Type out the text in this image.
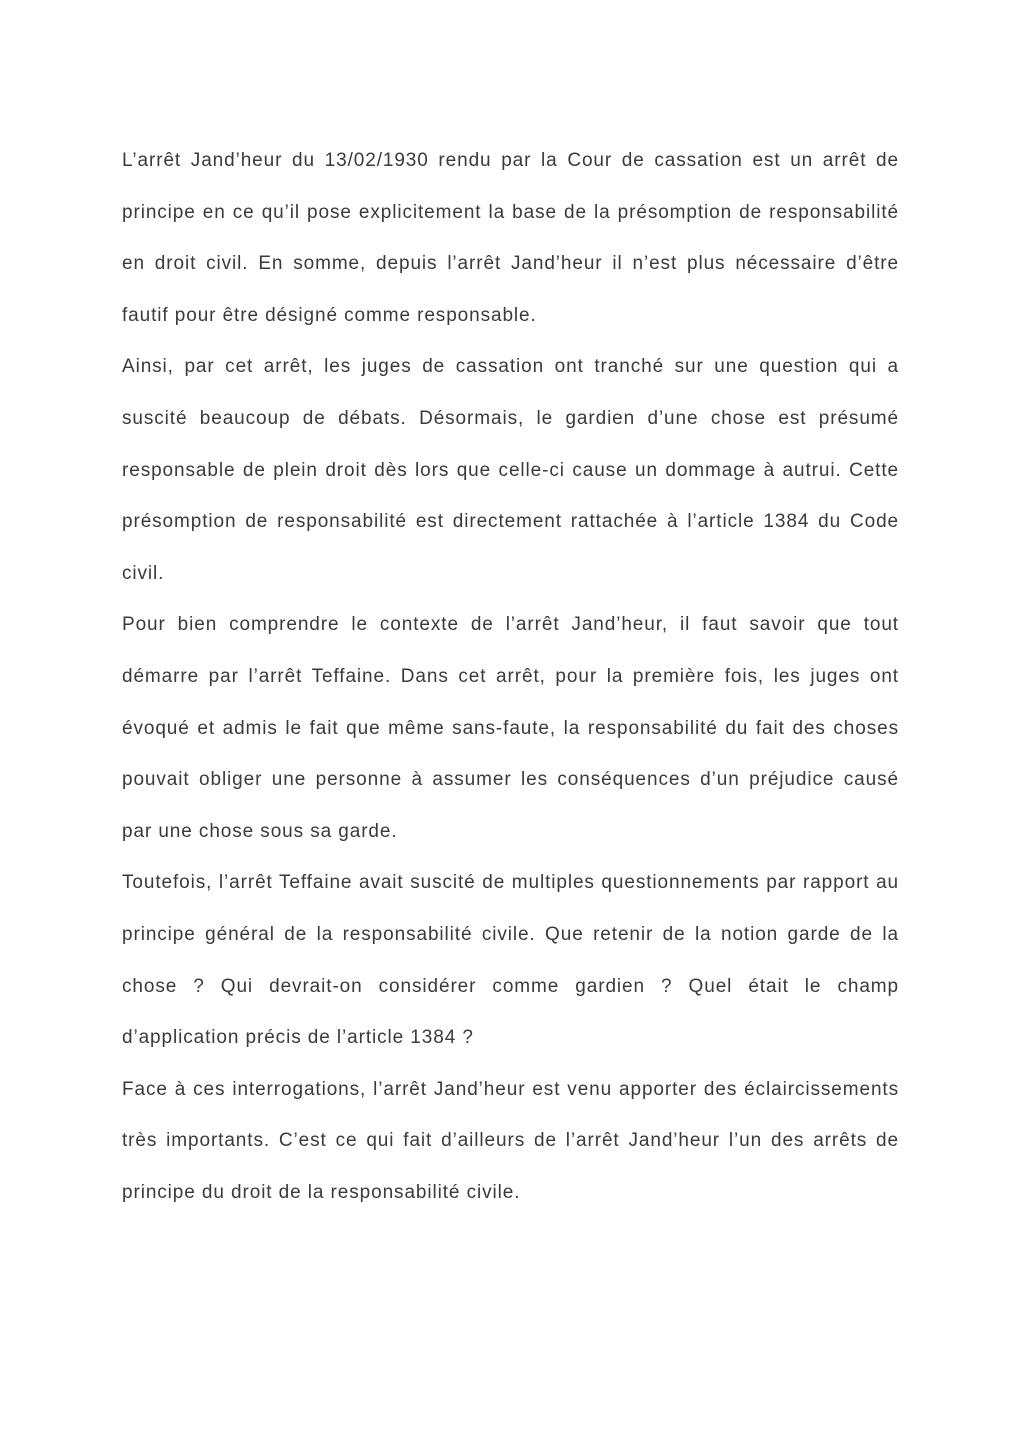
L’arrêt Jand’heur du 13/02/1930 rendu par la Cour de cassation est un arrêt de principe en ce qu’il pose explicitement la base de la présomption de responsabilité en droit civil. En somme, depuis l’arrêt Jand’heur il n’est plus nécessaire d’être fautif pour être désigné comme responsable.

Ainsi, par cet arrêt, les juges de cassation ont tranché sur une question qui a suscité beaucoup de débats. Désormais, le gardien d’une chose est présumé responsable de plein droit dès lors que celle-ci cause un dommage à autrui. Cette présomption de responsabilité est directement rattachée à l’article 1384 du Code civil.

Pour bien comprendre le contexte de l’arrêt Jand’heur, il faut savoir que tout démarre par l’arrêt Teffaine. Dans cet arrêt, pour la première fois, les juges ont évoqué et admis le fait que même sans-faute, la responsabilité du fait des choses pouvait obliger une personne à assumer les conséquences d’un préjudice causé par une chose sous sa garde.

Toutefois, l’arrêt Teffaine avait suscité de multiples questionnements par rapport au principe général de la responsabilité civile. Que retenir de la notion garde de la chose ? Qui devrait-on considérer comme gardien ? Quel était le champ d’application précis de l’article 1384 ?

Face à ces interrogations, l’arrêt Jand’heur est venu apporter des éclaircissements très importants. C’est ce qui fait d’ailleurs de l’arrêt Jand’heur l’un des arrêts de principe du droit de la responsabilité civile.
